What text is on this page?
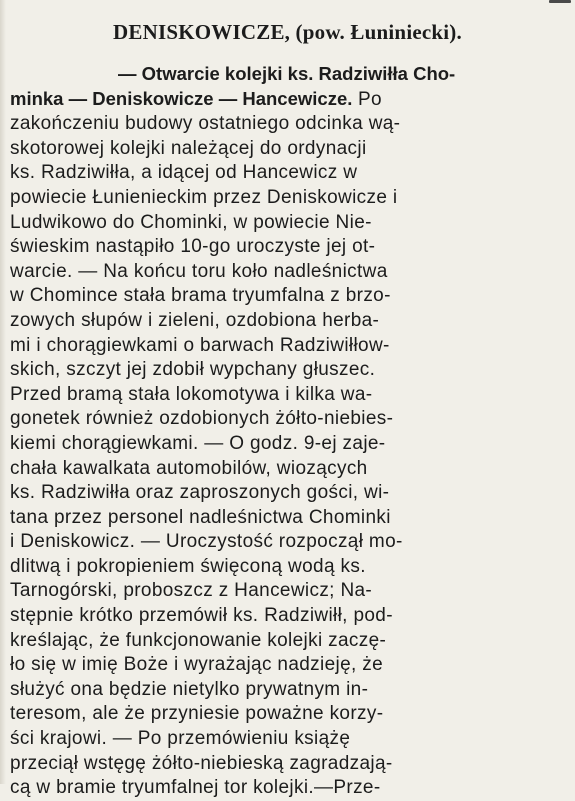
DENISKOWICZE, (pow. Łuniniecki).
— Otwarcie kolejki ks. Radziwiłła Cho-
minka — Deniskowicze — Hancewicze. Po
zakończeniu budowy ostatniego odcinka wą-
skotorowej kolejki należącej do ordynacji
ks. Radziwiłła, a idącej od Hancewicz w
powiecie Łunienieckim przez Deniskowicze i
Ludwikowo do Chominki, w powiecie Nie-
świeskim nastąpiło 10-go uroczyste jej ot-
warcie. — Na końcu toru koło nadleśnictwa
w Chomince stała brama tryumfalna z brzo-
zowych słupów i zieleni, ozdobiona herba-
mi i chorągiewkami o barwach Radziwiłłow-
skich, szczyt jej zdobił wypchany głuszec.
Przed bramą stała lokomotywa i kilka wa-
gonetek również ozdobionych żółto-niebies-
kiemi chorągiewkami. — O godz. 9-ej zaje-
chała kawalkata automobilów, wiozących
ks. Radziwiłła oraz zaproszonych gości, wi-
tana przez personel nadleśnictwa Chominki
i Deniskowicz. — Uroczystość rozpoczął mo-
dlitwą i pokropieniem święconą wodą ks.
Tarnogórski, proboszcz z Hancewicz; Na-
stępnie krótko przemówił ks. Radziwiłł, pod-
kreślając, że funkcjonowanie kolejki zaczę-
ło się w imię Boże i wyrażając nadzieję, że
służyć ona będzie nietylko prywatnym in-
teresom, ale że przyniesie poważne korzy-
ści krajowi. — Po przemówieniu książę
przeciął wstęgę żółto-niebieską zagradzają-
cą w bramie tryumfalnej tor kolejki.—Prze-
